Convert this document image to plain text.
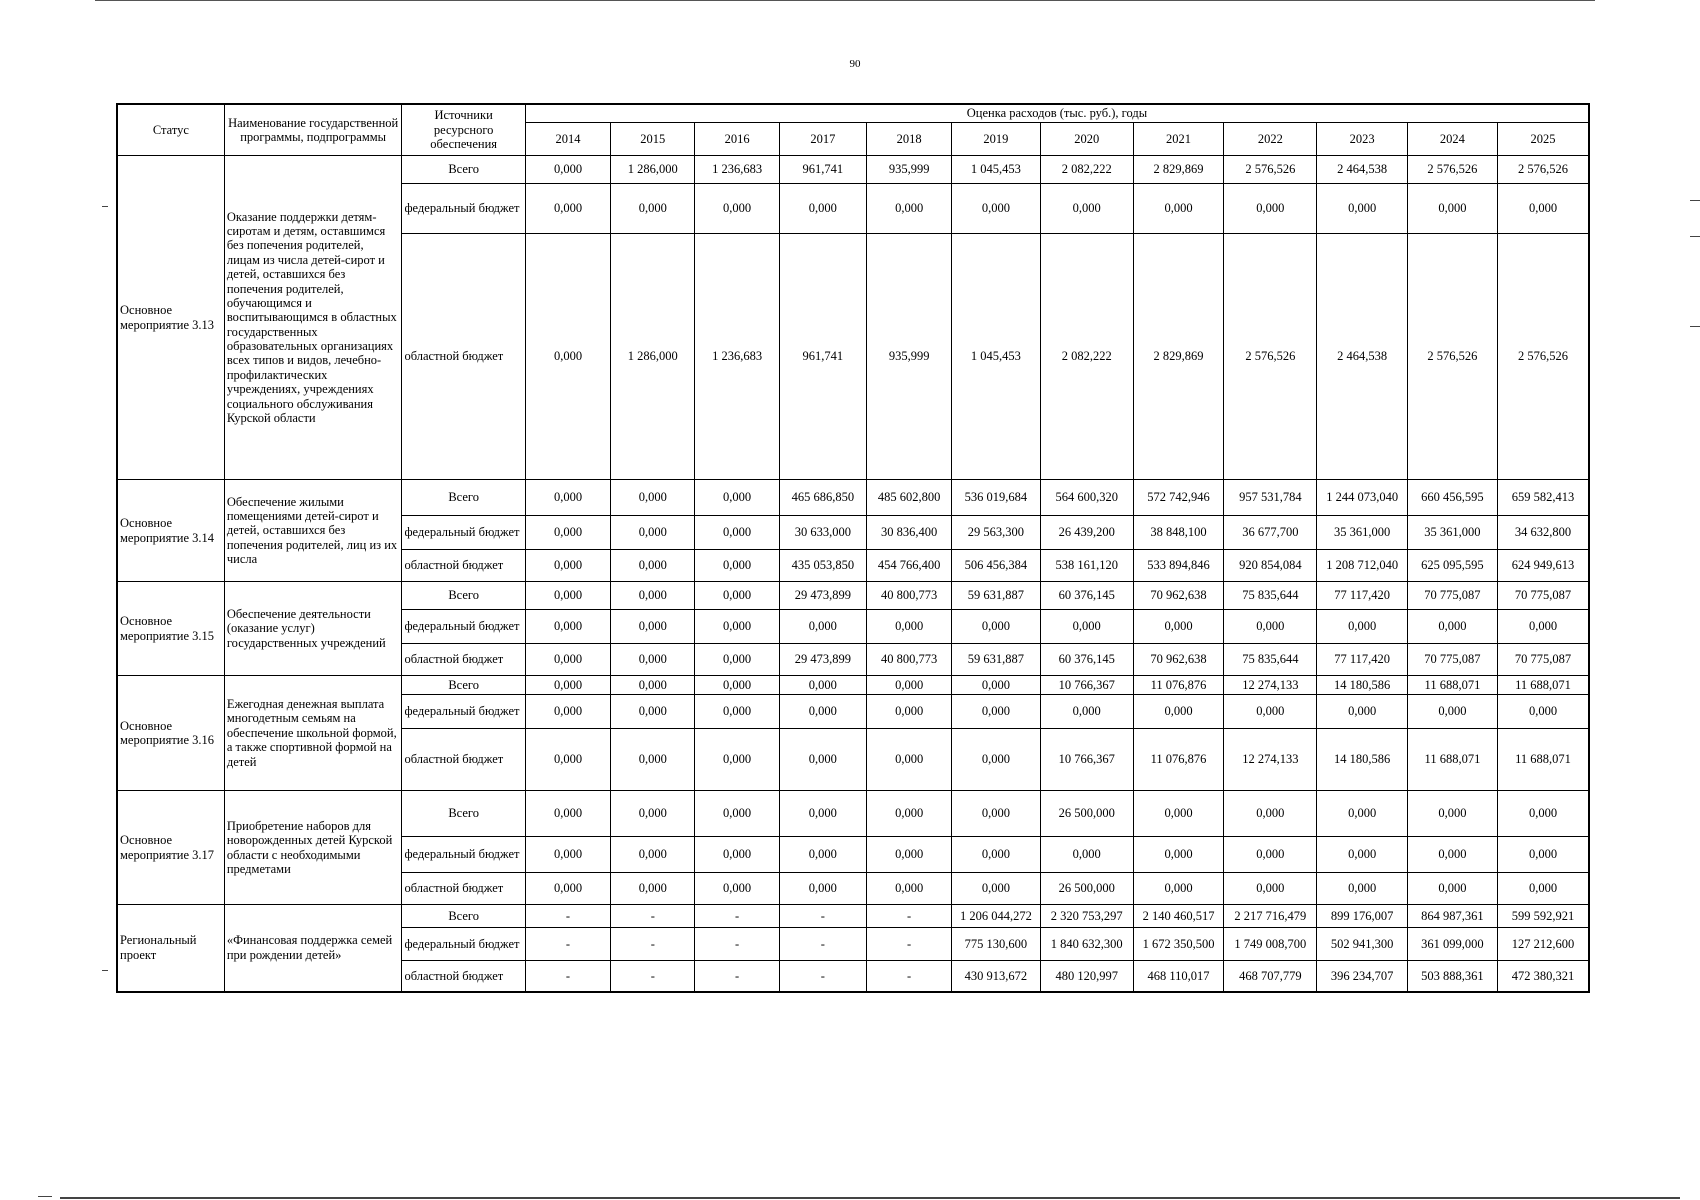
90
Статус	Наименование государственной программы, подпрограммы	Источники ресурсного обеспечения	Оценка расходов (тыс. руб.), годы											
			2014	2015	2016	2017	2018	2019	2020	2021	2022	2023	2024	2025
Основное мероприятие 3.13	Оказание поддержки детям-сиротам и детям, оставшимся без попечения родителей, лицам из числа детей-сирот и детей, оставшихся без попечения родителей, обучающимся и воспитывающимся в областных государственных образовательных организациях всех типов и видов, лечебно-профилактических учреждениях, учреждениях социального обслуживания Курской области	Всего	0,000	1 286,000	1 236,683	961,741	935,999	1 045,453	2 082,222	2 829,869	2 576,526	2 464,538	2 576,526	2 576,526
		федеральный бюджет	0,000	0,000	0,000	0,000	0,000	0,000	0,000	0,000	0,000	0,000	0,000	0,000
		областной бюджет	0,000	1 286,000	1 236,683	961,741	935,999	1 045,453	2 082,222	2 829,869	2 576,526	2 464,538	2 576,526	2 576,526
Основное мероприятие 3.14	Обеспечение жилыми помещениями детей-сирот и детей, оставшихся без попечения родителей, лиц из их числа	Всего	0,000	0,000	0,000	465 686,850	485 602,800	536 019,684	564 600,320	572 742,946	957 531,784	1 244 073,040	660 456,595	659 582,413
		федеральный бюджет	0,000	0,000	0,000	30 633,000	30 836,400	29 563,300	26 439,200	38 848,100	36 677,700	35 361,000	35 361,000	34 632,800
		областной бюджет	0,000	0,000	0,000	435 053,850	454 766,400	506 456,384	538 161,120	533 894,846	920 854,084	1 208 712,040	625 095,595	624 949,613
Основное мероприятие 3.15	Обеспечение деятельности (оказание услуг) государственных учреждений	Всего	0,000	0,000	0,000	29 473,899	40 800,773	59 631,887	60 376,145	70 962,638	75 835,644	77 117,420	70 775,087	70 775,087
		федеральный бюджет	0,000	0,000	0,000	0,000	0,000	0,000	0,000	0,000	0,000	0,000	0,000	0,000
		областной бюджет	0,000	0,000	0,000	29 473,899	40 800,773	59 631,887	60 376,145	70 962,638	75 835,644	77 117,420	70 775,087	70 775,087
Основное мероприятие 3.16	Ежегодная денежная выплата многодетным семьям на обеспечение школьной формой, а также спортивной формой на детей	Всего	0,000	0,000	0,000	0,000	0,000	0,000	10 766,367	11 076,876	12 274,133	14 180,586	11 688,071	11 688,071
		федеральный бюджет	0,000	0,000	0,000	0,000	0,000	0,000	0,000	0,000	0,000	0,000	0,000	0,000
		областной бюджет	0,000	0,000	0,000	0,000	0,000	0,000	10 766,367	11 076,876	12 274,133	14 180,586	11 688,071	11 688,071
Основное мероприятие 3.17	Приобретение наборов для новорожденных детей Курской области с необходимыми предметами	Всего	0,000	0,000	0,000	0,000	0,000	0,000	26 500,000	0,000	0,000	0,000	0,000	0,000
		федеральный бюджет	0,000	0,000	0,000	0,000	0,000	0,000	0,000	0,000	0,000	0,000	0,000	0,000
		областной бюджет	0,000	0,000	0,000	0,000	0,000	0,000	26 500,000	0,000	0,000	0,000	0,000	0,000
Региональный проект	«Финансовая поддержка семей при рождении детей»	Всего	-	-	-	-	-	1 206 044,272	2 320 753,297	2 140 460,517	2 217 716,479	899 176,007	864 987,361	599 592,921
		федеральный бюджет	-	-	-	-	-	775 130,600	1 840 632,300	1 672 350,500	1 749 008,700	502 941,300	361 099,000	127 212,600
		областной бюджет	-	-	-	-	-	430 913,672	480 120,997	468 110,017	468 707,779	396 234,707	503 888,361	472 380,321
